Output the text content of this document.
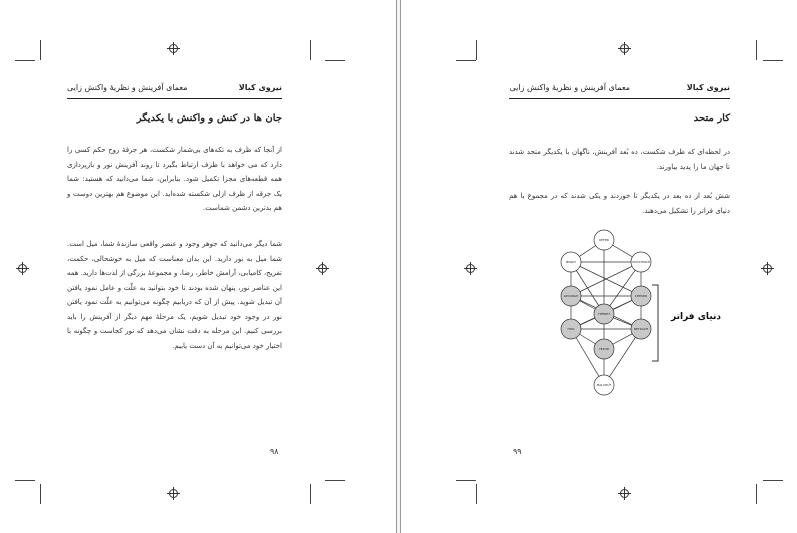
نیروی کبالا
معمای آفرینش و نظریهٔ واکنش زایی
جان ها در کنش و واکنش با یکدیگر
از آنجا که ظرف به تکه‌های بی‌شمار شکست، هر جرقهٔ روح حکم کسی را دارد که می خواهد با ظرف ارتباط بگیرد تا روند آفرینش نور و بازپردازی همه قطعه‌های مجزا تکمیل شود. بنابراین، شما می‌دانید که هستید: شما یک جرقه از ظرف ازلی شکسته شده‌اید. این موضوع هم بهترین دوست و هم بدترین دشمن شماست.
شما دیگر می‌دانید که جوهر وجود و عنصر واقعی سازندهٔ شما، میل است. شما میل به نور دارید. این بدان معناست که میل به خوشحالی، حکمت، تفریح، کامیابی، آرامش خاطر، رضا، و مجموعهٔ بزرگی از لذت‌ها دارید. همه این عناصر نور، پنهان شده بودند تا خود بتوانید به علّت و عامل نمود یافتن آن تبدیل شوید. پیش از آن که دریابیم چگونه می‌توانیم به علّت نمود یافتن نور در وجود خود تبدیل شویم، یک مرحلهٔ مهم دیگر از آفرینش را باید بررسی کنیم. این مرحله به دقت نشان می‌دهد که نور کجاست و چگونه با اختیار خود می‌توانیم به آن دست یابیم.
۹۸
نیروی کبالا
معمای آفرینش و نظریهٔ واکنش زایی
کار متحد
در لحظه‌ای که ظرف شکست، ده بُعد آفرینش، ناگهان با یکدیگر متحد شدند تا جهان ما را پدید بیاورند.
شش بُعد از ده بعد در یکدیگر تا خوردند و یکی شدند که در مجموع با هم دنیای فراتر را تشکیل می‌دهند.
KETER
BINAH	CHOCHMAH
GEVURAH	CHESED
TIFERET
HOD	NETZACH
YESOD
MALCHUT
دنیای فراتر
۹۹
